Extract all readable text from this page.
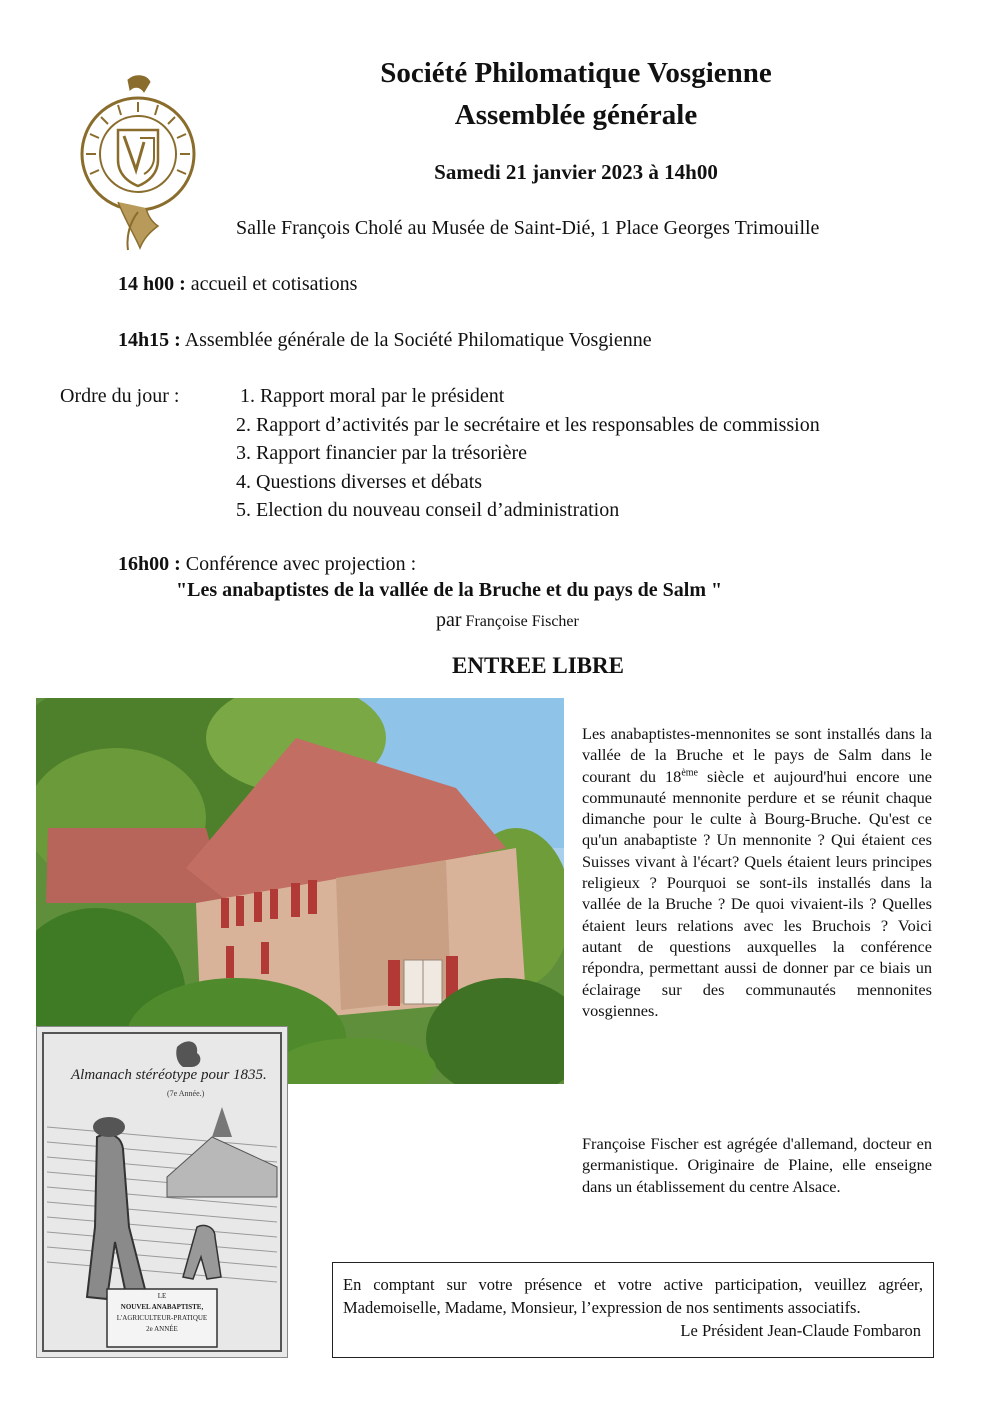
Société Philomatique Vosgienne
Assemblée générale
Samedi 21 janvier 2023 à 14h00
Salle François Cholé au Musée de Saint-Dié, 1 Place Georges Trimouille
14 h00 : accueil et cotisations
14h15 : Assemblée générale de la Société Philomatique Vosgienne
Ordre du jour :	1. Rapport moral par le président
2. Rapport d’activités par le secrétaire et les responsables de commission
3. Rapport financier par la trésorière
4. Questions diverses et débats
5. Election du nouveau conseil d’administration
16h00 : Conférence avec projection :
"Les anabaptistes de la vallée de la Bruche et du pays de Salm "
par Françoise Fischer
ENTREE LIBRE
Almanach stéréotype pour 1835.
(7e Année.)
LE
NOUVEL ANABAPTISTE,
L'AGRICULTEUR-PRATIQUE
2e ANNÉE
Les anabaptistes-mennonites se sont installés dans la vallée de la Bruche et le pays de Salm dans le courant du 18ème siècle et aujourd'hui encore une communauté mennonite perdure et se réunit chaque dimanche pour le culte à Bourg-Bruche. Qu'est ce qu'un anabaptiste ? Un mennonite ? Qui étaient ces Suisses vivant à l'écart? Quels étaient leurs principes religieux ? Pourquoi se sont-ils installés dans la vallée de la Bruche ? De quoi vivaient-ils ? Quelles étaient leurs relations avec les Bruchois ? Voici autant de questions auxquelles la conférence répondra, permettant aussi de donner par ce biais un éclairage sur des communautés mennonites vosgiennes.
Françoise Fischer est agrégée d'allemand, docteur en germanistique. Originaire de Plaine, elle enseigne dans un établissement du centre Alsace.
En comptant sur votre présence et votre active participation, veuillez agréer, Mademoiselle, Madame, Monsieur, l’expression de nos sentiments associatifs.
Le Président Jean-Claude Fombaron
